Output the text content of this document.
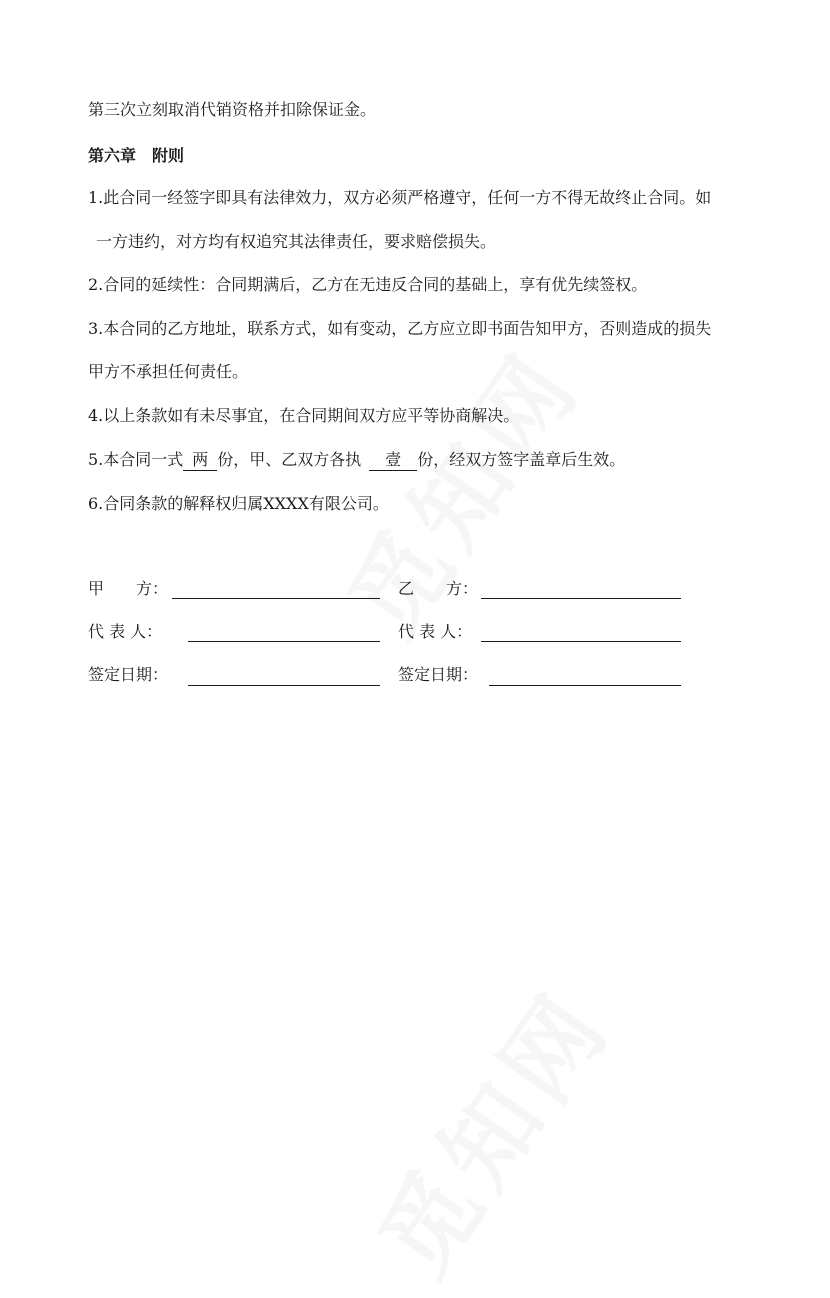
第三次立刻取消代销资格并扣除保证金。
第六章　附则
1.此合同一经签字即具有法律效力，双方必须严格遵守，任何一方不得无故终止合同。如
一方违约，对方均有权追究其法律责任，要求赔偿损失。
2.合同的延续性：合同期满后，乙方在无违反合同的基础上，享有优先续签权。
3.本合同的乙方地址，联系方式，如有变动，乙方应立即书面告知甲方，否则造成的损失
甲方不承担任何责任。
4.以上条款如有未尽事宜，在合同期间双方应平等协商解决。
5.本合同一式 两 份，甲、乙双方各执 壹 份，经双方签字盖章后生效。
6.合同条款的解释权归属XXXX有限公司。
甲　　方：	乙　　方：
代 表 人：	代 表 人：
签定日期：	签定日期：
